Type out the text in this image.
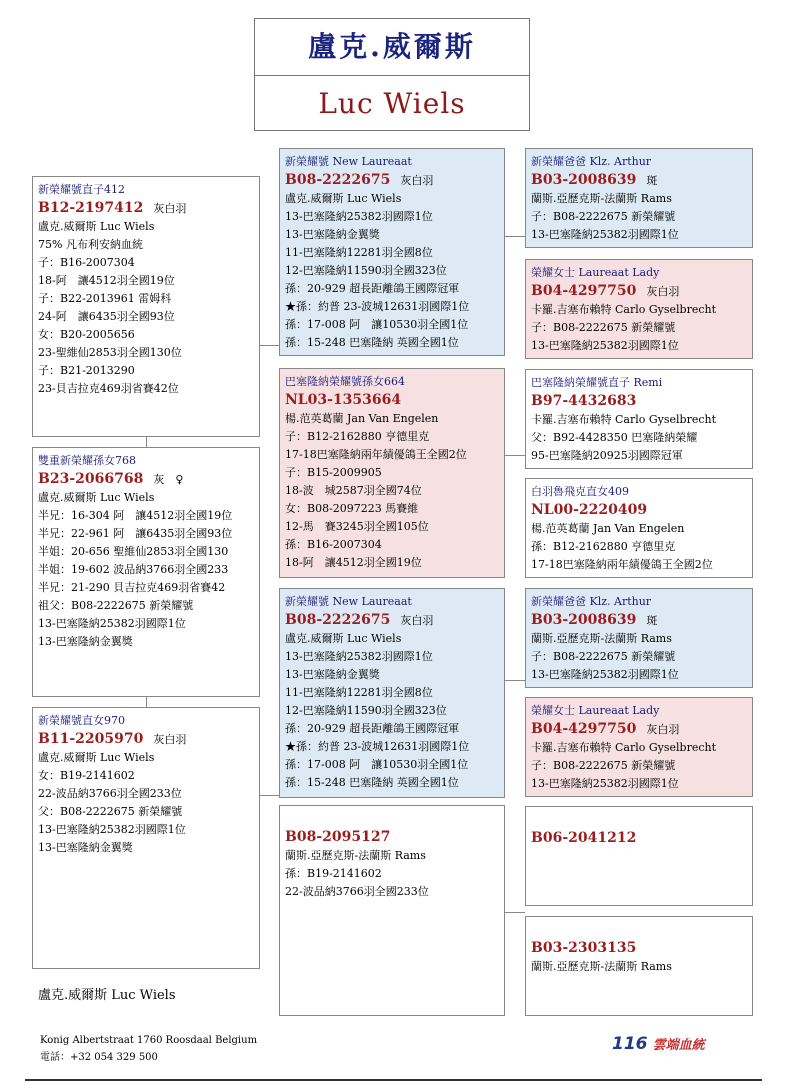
盧克.威爾斯
Luc Wiels
新榮耀號直子412
B12-2197412 灰白羽
盧克.威爾斯 Luc Wiels
75% 凡布利安納血統
子：B16-2007304
18-阿　讓4512羽全國19位
子：B22-2013961 雷姆科
24-阿　讓6435羽全國93位
女：B20-2005656
23-聖維仙2853羽全國130位
子：B21-2013290
23-貝吉拉克469羽省賽42位
雙重新榮耀孫女768
B23-2066768 灰　♀
盧克.威爾斯 Luc Wiels
半兄：16-304 阿　讓4512羽全國19位
半兄：22-961 阿　讓6435羽全國93位
半姐：20-656 聖維仙2853羽全國130
半姐：19-602 波品納3766羽全國233
半兄：21-290 貝吉拉克469羽省賽42
祖父：B08-2222675 新榮耀號
13-巴塞隆納25382羽國際1位
13-巴塞隆納金翼獎
新榮耀號直女970
B11-2205970 灰白羽
盧克.威爾斯 Luc Wiels
女：B19-2141602
22-波品納3766羽全國233位
父：B08-2222675 新榮耀號
13-巴塞隆納25382羽國際1位
13-巴塞隆納金翼獎
新榮耀號 New Laureaat
B08-2222675 灰白羽
盧克.威爾斯 Luc Wiels
13-巴塞隆納25382羽國際1位
13-巴塞隆納金翼獎
11-巴塞隆納12281羽全國8位
12-巴塞隆納11590羽全國323位
孫：20-929 超長距離鴿王國際冠軍
★孫：約普 23-波城12631羽國際1位
孫：17-008 阿　讓10530羽全國1位
孫：15-248 巴塞隆納 英國全國1位
巴塞隆納榮耀號孫女664
NL03-1353664
楊.范英葛蘭 Jan Van Engelen
子：B12-2162880 亨德里克
17-18巴塞隆納兩年績優鴿王全國2位
子：B15-2009905
18-波　城2587羽全國74位
女：B08-2097223 馬賽維
12-馬　賽3245羽全國105位
孫：B16-2007304
18-阿　讓4512羽全國19位
新榮耀號 New Laureaat
B08-2222675 灰白羽
盧克.威爾斯 Luc Wiels
13-巴塞隆納25382羽國際1位
13-巴塞隆納金翼獎
11-巴塞隆納12281羽全國8位
12-巴塞隆納11590羽全國323位
孫：20-929 超長距離鴿王國際冠軍
★孫：約普 23-波城12631羽國際1位
孫：17-008 阿　讓10530羽全國1位
孫：15-248 巴塞隆納 英國全國1位
B08-2095127
蘭斯.亞歷克斯-法蘭斯 Rams
孫：B19-2141602
22-波品納3766羽全國233位
新榮耀爸爸 Klz. Arthur
B03-2008639 斑
蘭斯.亞歷克斯-法蘭斯 Rams
子：B08-2222675 新榮耀號
13-巴塞隆納25382羽國際1位
榮耀女士 Laureaat Lady
B04-4297750 灰白羽
卡羅.吉塞布賴特 Carlo Gyselbrecht
子：B08-2222675 新榮耀號
13-巴塞隆納25382羽國際1位
巴塞隆納榮耀號直子 Remi
B97-4432683
卡羅.吉塞布賴特 Carlo Gyselbrecht
父：B92-4428350 巴塞隆納榮耀
95-巴塞隆納20925羽國際冠軍
白羽魯飛克直女409
NL00-2220409
楊.范英葛蘭 Jan Van Engelen
孫：B12-2162880 亨德里克
17-18巴塞隆納兩年績優鴿王全國2位
新榮耀爸爸 Klz. Arthur
B03-2008639 斑
蘭斯.亞歷克斯-法蘭斯 Rams
子：B08-2222675 新榮耀號
13-巴塞隆納25382羽國際1位
榮耀女士 Laureaat Lady
B04-4297750 灰白羽
卡羅.吉塞布賴特 Carlo Gyselbrecht
子：B08-2222675 新榮耀號
13-巴塞隆納25382羽國際1位
B06-2041212
B03-2303135
蘭斯.亞歷克斯-法蘭斯 Rams
盧克.威爾斯 Luc Wiels
Konig Albertstraat 1760 Roosdaal Belgium
電話：+32 054 329 500
116 雲端血統
